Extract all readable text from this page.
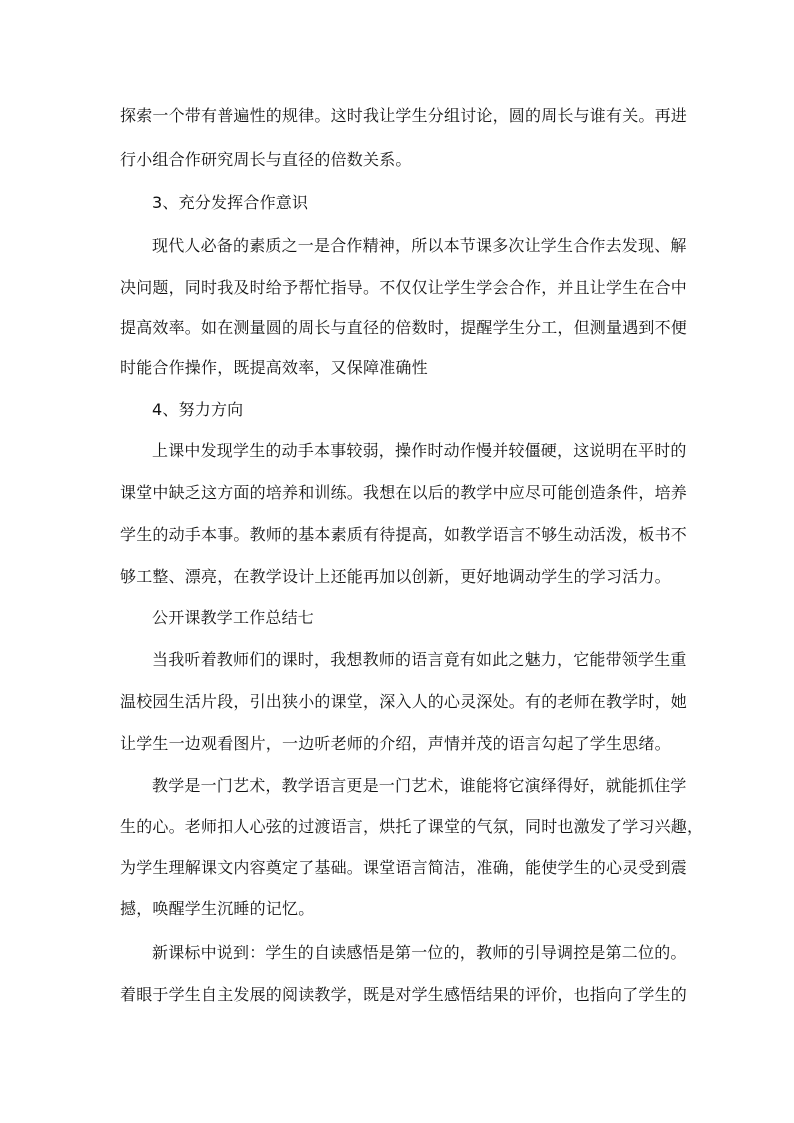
探索一个带有普遍性的规律。这时我让学生分组讨论，圆的周长与谁有关。再进
行小组合作研究周长与直径的倍数关系。
3、充分发挥合作意识
现代人必备的素质之一是合作精神，所以本节课多次让学生合作去发现、解
决问题，同时我及时给予帮忙指导。不仅仅让学生学会合作，并且让学生在合中
提高效率。如在测量圆的周长与直径的倍数时，提醒学生分工，但测量遇到不便
时能合作操作，既提高效率，又保障准确性
4、努力方向
上课中发现学生的动手本事较弱，操作时动作慢并较僵硬，这说明在平时的
课堂中缺乏这方面的培养和训练。我想在以后的教学中应尽可能创造条件，培养
学生的动手本事。教师的基本素质有待提高，如教学语言不够生动活泼，板书不
够工整、漂亮，在教学设计上还能再加以创新，更好地调动学生的学习活力。
公开课教学工作总结七
当我听着教师们的课时，我想教师的语言竟有如此之魅力，它能带领学生重
温校园生活片段，引出狭小的课堂，深入人的心灵深处。有的老师在教学时，她
让学生一边观看图片，一边听老师的介绍，声情并茂的语言勾起了学生思绪。
教学是一门艺术，教学语言更是一门艺术，谁能将它演绎得好，就能抓住学
生的心。老师扣人心弦的过渡语言，烘托了课堂的气氛，同时也激发了学习兴趣，
为学生理解课文内容奠定了基础。课堂语言简洁，准确，能使学生的心灵受到震
撼，唤醒学生沉睡的记忆。
新课标中说到：学生的自读感悟是第一位的，教师的引导调控是第二位的。
着眼于学生自主发展的阅读教学，既是对学生感悟结果的评价，也指向了学生的
